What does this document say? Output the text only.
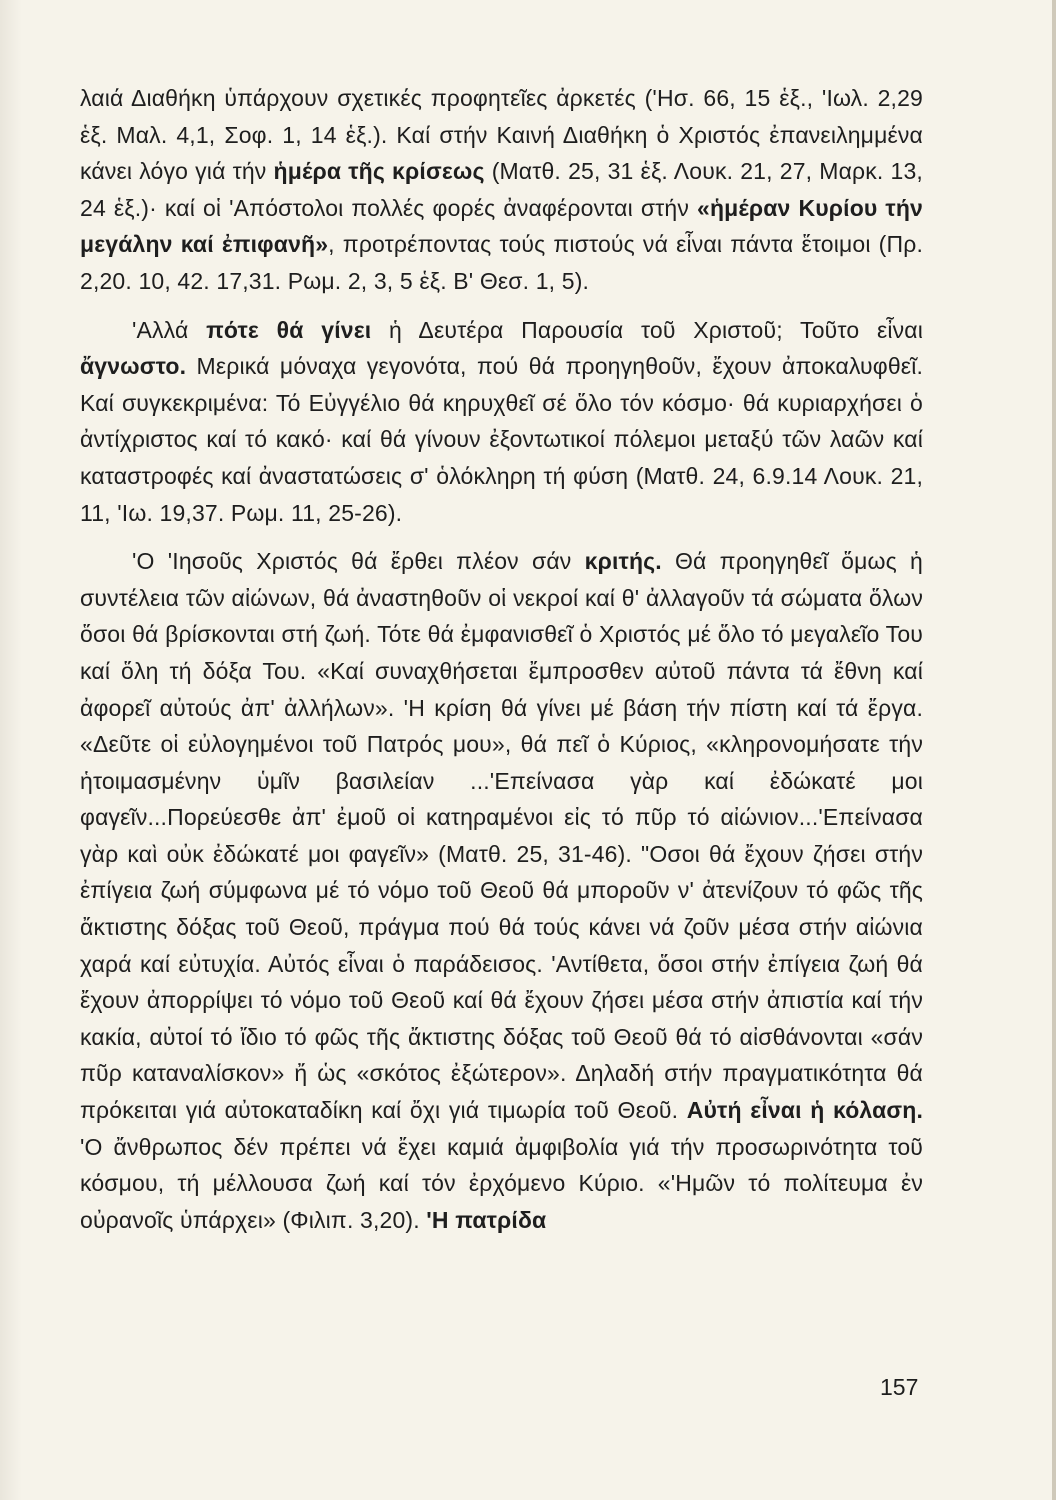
λαιά Διαθήκη ὑπάρχουν σχετικές προφητεῖες ἀρκετές ('Ησ. 66, 15 ἑξ., 'Ιωλ. 2,29 ἑξ. Μαλ. 4,1, Σοφ. 1, 14 ἑξ.). Καί στήν Καινή Διαθήκη ὁ Χριστός ἐπανειλημμένα κάνει λόγο γιά τήν ἡμέρα τῆς κρίσεως (Ματθ. 25, 31 ἑξ. Λουκ. 21, 27, Μαρκ. 13, 24 ἑξ.)· καί οἱ 'Απόστολοι πολλές φορές ἀναφέρονται στήν «ἡμέραν Κυρίου τήν μεγάλην καί ἐπιφανῆ», προτρέποντας τούς πιστούς νά εἶναι πάντα ἕτοιμοι (Πρ. 2,20. 10, 42. 17,31. Ρωμ. 2, 3, 5 ἑξ. Β' Θεσ. 1, 5).

'Αλλά πότε θά γίνει ἡ Δευτέρα Παρουσία τοῦ Χριστοῦ; Τοῦτο εἶναι ἄγνωστο. Μερικά μόναχα γεγονότα, πού θά προηγηθοῦν, ἔχουν ἀποκαλυφθεῖ. Καί συγκεκριμένα: Τό Εὐγγέλιο θά κηρυχθεῖ σέ ὅλο τόν κόσμο· θά κυριαρχήσει ὁ ἀντίχριστος καί τό κακό· καί θά γίνουν ἐξοντωτικοί πόλεμοι μεταξύ τῶν λαῶν καί καταστροφές καί ἀναστατώσεις σ' ὁλόκληρη τή φύση (Ματθ. 24, 6.9.14 Λουκ. 21, 11, 'Ιω. 19,37. Ρωμ. 11, 25-26).

'Ο 'Ιησοῦς Χριστός θά ἔρθει πλέον σάν κριτής. Θά προηγηθεῖ ὅμως ἡ συντέλεια τῶν αἰώνων, θά ἀναστηθοῦν οἱ νεκροί καί θ' ἀλλαγοῦν τά σώματα ὅλων ὅσοι θά βρίσκονται στή ζωή. Τότε θά ἐμφανισθεῖ ὁ Χριστός μέ ὅλο τό μεγαλεῖο Του καί ὅλη τή δόξα Του. «Καί συναχθήσεται ἔμπροσθεν αὐτοῦ πάντα τά ἔθνη καί ἀφορεῖ αὐτούς ἀπ' ἀλλήλων». 'Η κρίση θά γίνει μέ βάση τήν πίστη καί τά ἔργα. «Δεῦτε οἱ εὐλογημένοι τοῦ Πατρός μου», θά πεῖ ὁ Κύριος, «κληρονομήσατε τήν ἡτοιμασμένην ὑμῖν βασιλείαν ...'Επείνασα γὰρ καί ἐδώκατέ μοι φαγεῖν...Πορεύεσθε ἀπ' ἐμοῦ οἱ κατηραμένοι εἰς τό πῦρ τό αἰώνιον...'Επείνασα γὰρ καὶ οὐκ ἐδώκατέ μοι φαγεῖν» (Ματθ. 25, 31-46). "Οσοι θά ἔχουν ζήσει στήν ἐπίγεια ζωή σύμφωνα μέ τό νόμο τοῦ Θεοῦ θά μποροῦν ν' ἀτενίζουν τό φῶς τῆς ἄκτιστης δόξας τοῦ Θεοῦ, πράγμα πού θά τούς κάνει νά ζοῦν μέσα στήν αἰώνια χαρά καί εὐτυχία. Αὐτός εἶναι ὁ παράδεισος. 'Αντίθετα, ὅσοι στήν ἐπίγεια ζωή θά ἔχουν ἀπορρίψει τό νόμο τοῦ Θεοῦ καί θά ἔχουν ζήσει μέσα στήν ἀπιστία καί τήν κακία, αὐτοί τό ἴδιο τό φῶς τῆς ἄκτιστης δόξας τοῦ Θεοῦ θά τό αἰσθάνονται «σάν πῦρ καταναλίσκον» ἤ ὡς «σκότος ἐξώτερον». Δηλαδή στήν πραγματικότητα θά πρόκειται γιά αὐτοκαταδίκη καί ὄχι γιά τιμωρία τοῦ Θεοῦ. Αὐτή εἶναι ἡ κόλαση. 'Ο ἄνθρωπος δέν πρέπει νά ἔχει καμιά ἀμφιβολία γιά τήν προσωρινότητα τοῦ κόσμου, τή μέλλουσα ζωή καί τόν ἐρχόμενο Κύριο. «'Ημῶν τό πολίτευμα ἐν οὐρανοῖς ὑπάρχει» (Φιλιπ. 3,20). 'Η πατρίδα

157
